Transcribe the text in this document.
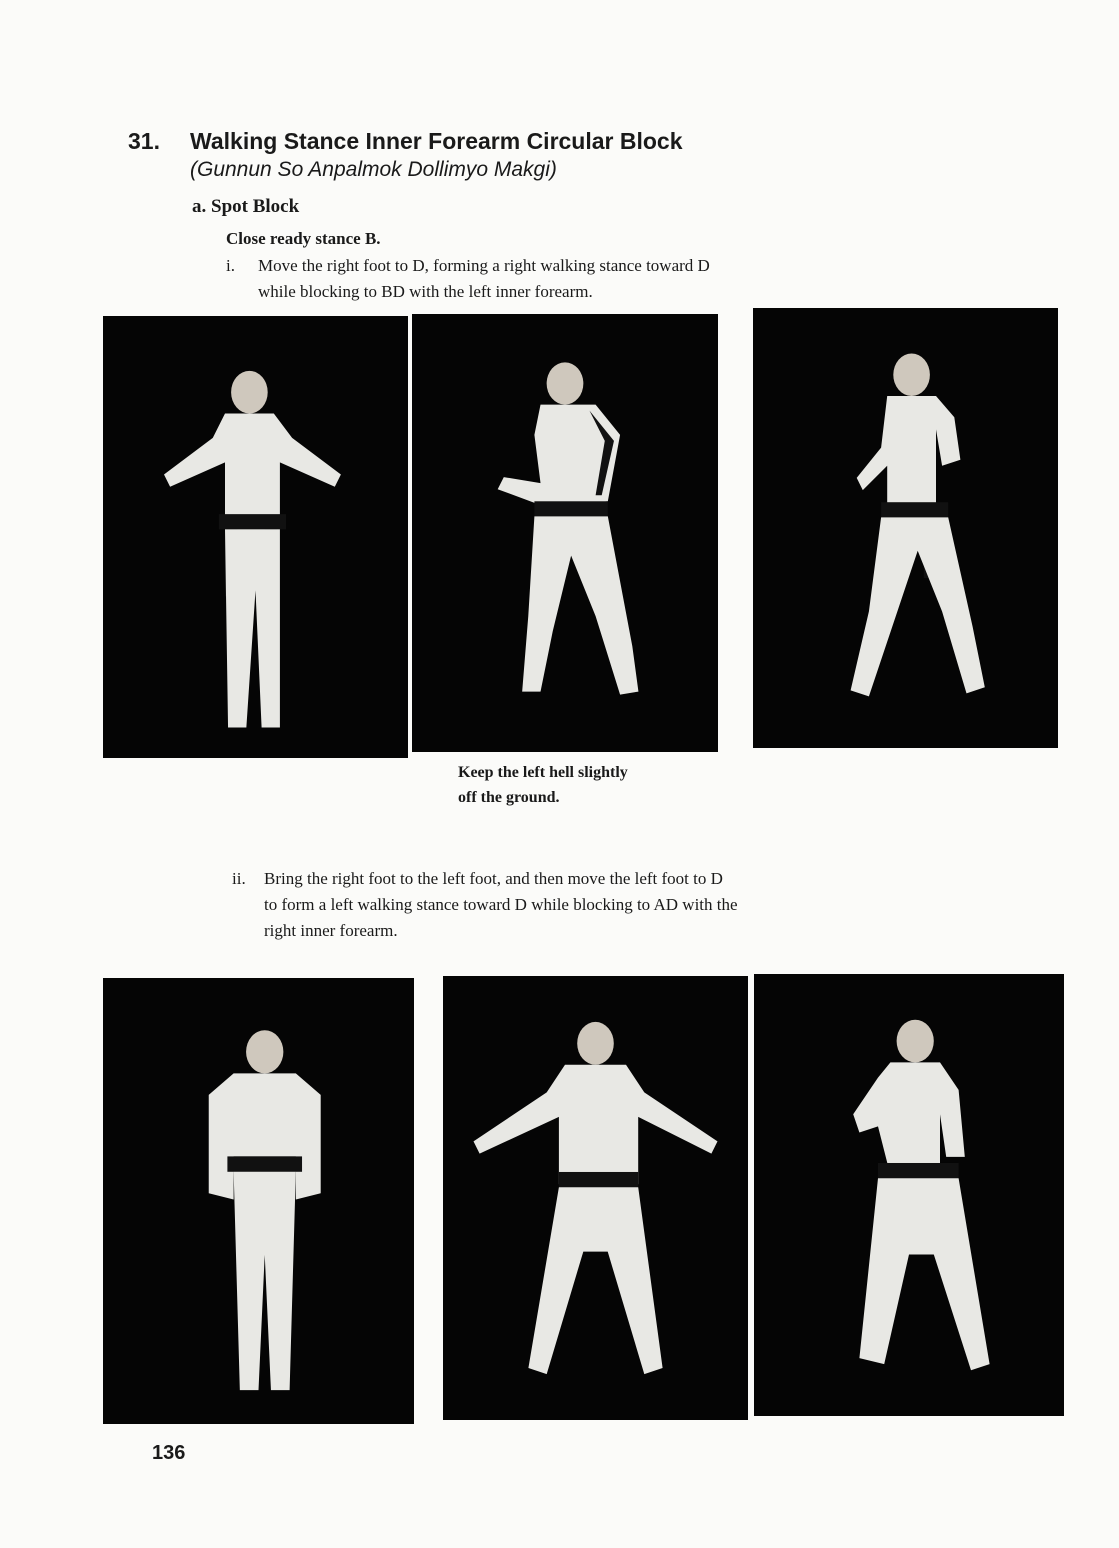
31. Walking Stance Inner Forearm Circular Block
(Gunnun So Anpalmok Dollimyo Makgi)
a. Spot Block
Close ready stance B.
i.	Move the right foot to D, forming a right walking stance toward D
while blocking to BD with the left inner forearm.
Keep the left hell slightly
off the ground.
ii.	Bring the right foot to the left foot, and then move the left foot to D
to form a left walking stance toward D while blocking to AD with the
right inner forearm.
136
